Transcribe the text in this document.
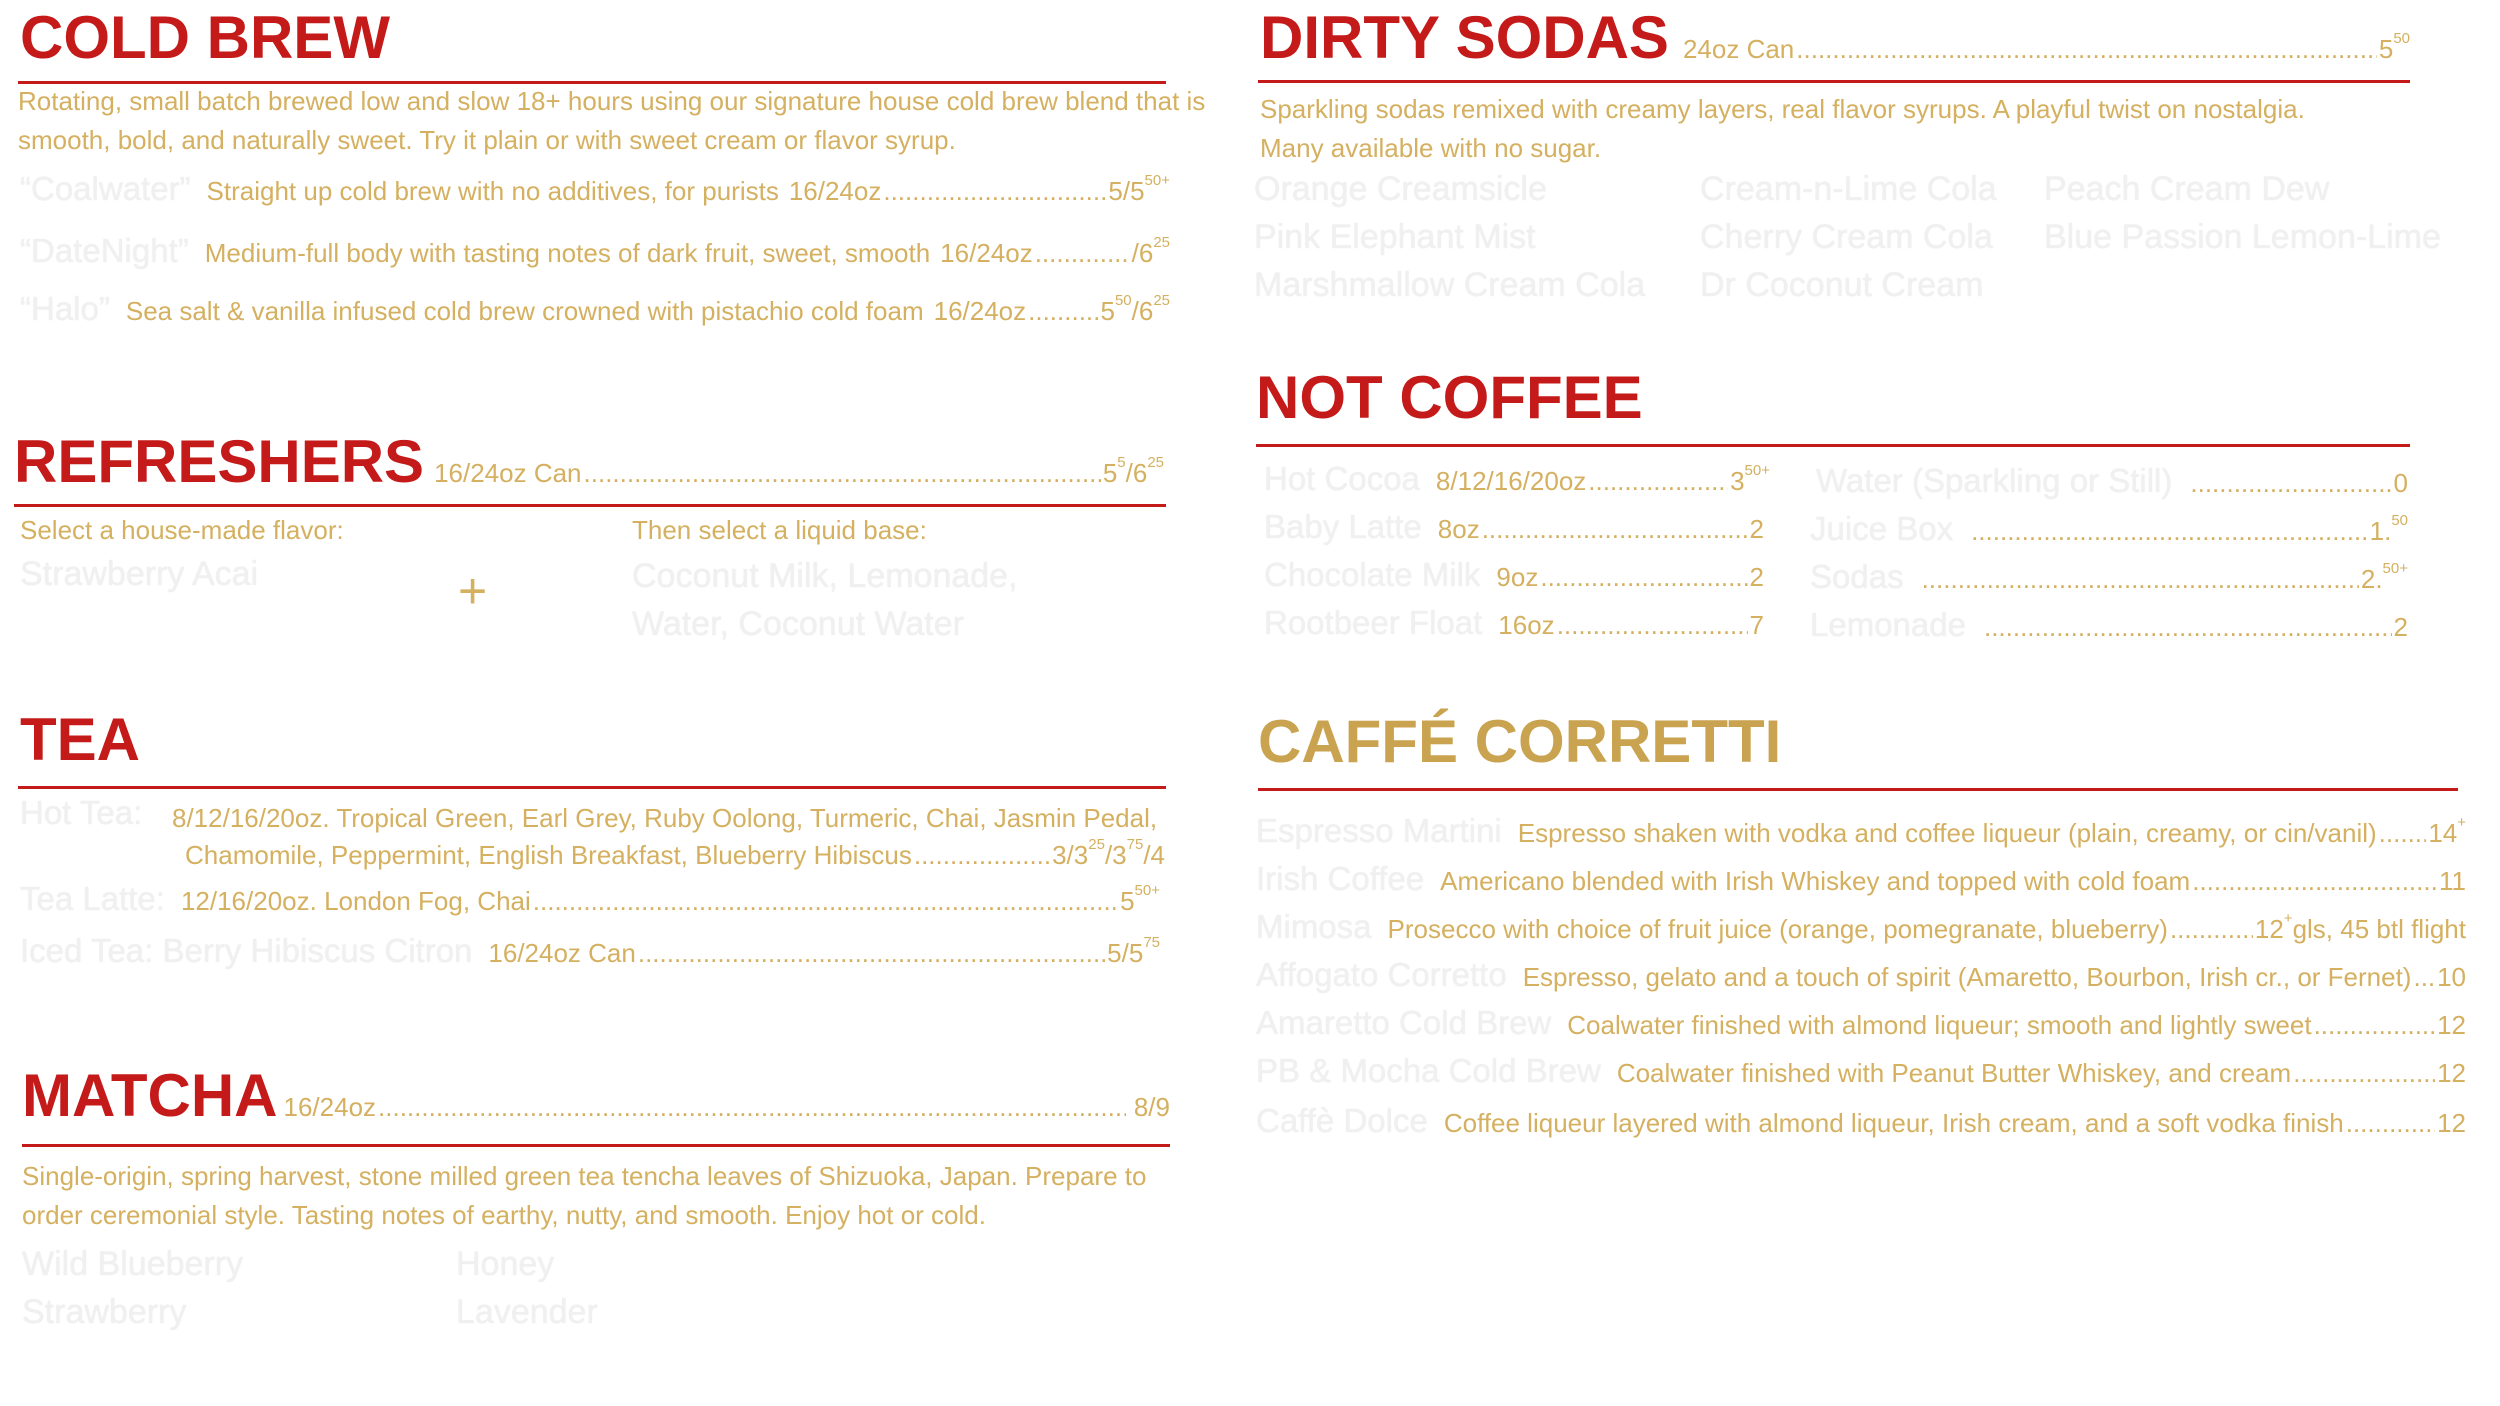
COLD BREW
Rotating, small batch brewed low and slow 18+ hours using our signature house cold brew blend that is smooth, bold, and naturally sweet. Try it plain or with sweet cream or flavor syrup.
“Coalwater” Straight up cold brew with no additives, for purists 16/24oz .....	$5/5^{50+}$
“DateNight” Medium-full body with tasting notes of dark fruit, sweet, smooth 16/24oz .....	$/6^{25}$
“Halo” Sea salt & vanilla infused cold brew crowned with pistachio cold foam 16/24oz .....	$5^{50}/6^{25}$
REFRESHERS 16/24oz Can .....	$5^5/6^{25}$
Select a house-made flavor:
Strawberry Acai	+
Then select a liquid base:
Coconut Milk, Lemonade,
Water, Coconut Water
TEA
Hot Tea: 8/12/16/20oz. Tropical Green, Earl Grey, Ruby Oolong, Turmeric, Chai, Jasmin Pedal,
Chamomile, Peppermint, English Breakfast, Blueberry Hibiscus .....	$3/3^{25}/3^{75}/4$
Tea Latte: 12/16/20oz. London Fog, Chai .....	$5^{50+}$
Iced Tea: Berry Hibiscus Citron 16/24oz Can .....	$5/5^{75}$
MATCHA 16/24oz .....	8/9
Single-origin, spring harvest, stone milled green tea tencha leaves of Shizuoka, Japan. Prepare to order ceremonial style. Tasting notes of earthy, nutty, and smooth. Enjoy hot or cold.
Wild Blueberry
Strawberry
Honey
Lavender
DIRTY SODAS 24oz Can .....	$5^{50}$
Sparkling sodas remixed with creamy layers, real flavor syrups. A playful twist on nostalgia. Many available with no sugar.
Orange Creamsicle
Pink Elephant Mist
Marshmallow Cream Cola
Cream-n-Lime Cola
Cherry Cream Cola
Dr Coconut Cream
Peach Cream Dew
Blue Passion Lemon-Lime
NOT COFFEE
Hot Cocoa 8/12/16/20oz .....	$3^{50+}$
Baby Latte 8oz .....	2
Chocolate Milk 9oz .....	2
Rootbeer Float 16oz .....	7
Water (Sparkling or Still) .....	0
Juice Box .....	1.50
Sodas .....	2.$^{50+}$
Lemonade .....	2
CAFFÉ CORRETTI
Espresso Martini Espresso shaken with vodka and coffee liqueur (plain, creamy, or cin/vanil) ..... 14+
Irish Coffee Americano blended with Irish Whiskey and topped with cold foam .....	11
Mimosa Prosecco with choice of fruit juice (orange, pomegranate, blueberry) .....	12+gls, 45 btl flight
Affogato Corretto Espresso, gelato and a touch of spirit (Amaretto, Bourbon, Irish cr., or Fernet) ..... 10
Amaretto Cold Brew Coalwater finished with almond liqueur; smooth and lightly sweet .....	12
PB & Mocha Cold Brew Coalwater finished with Peanut Butter Whiskey, and cream .....	12
Caffè Dolce Coffee liqueur layered with almond liqueur, Irish cream, and a soft vodka finish .....	12
